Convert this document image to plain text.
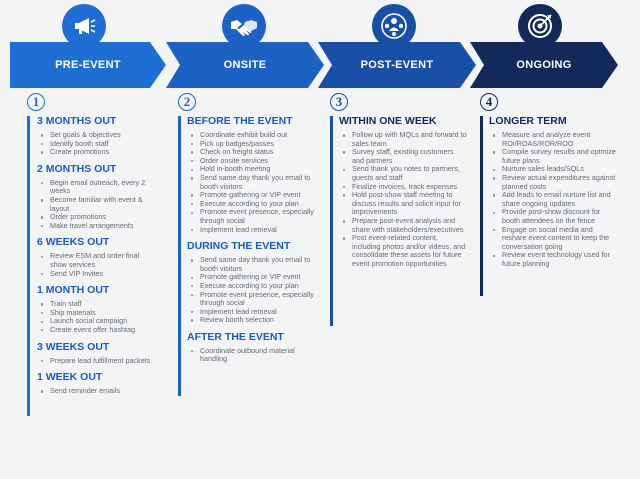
PRE-EVENT
1
3 MONTHS OUT
Set goals & objectives
Identify booth staff
Create promotions
2 MONTHS OUT
Begin email outreach, every 2 weeks
Become familiar with event & layout
Order promotions
Make travel arrangements
6 WEEKS OUT
Review ESM and order final show services
Send VIP Invites
1 MONTH OUT
Train staff
Ship materials
Launch social campaign
Create event offer hashtag
3 WEEKS OUT
Prepare lead fulfillment packets
1 WEEK OUT
Send reminder emails
ONSITE
2
BEFORE THE EVENT
Coordinate exhibit build out
Pick up badges/passes
Check on freight status
Order onsite services
Hold in-booth meeting
Send same day thank you email to booth visitors
Promote gathering or VIP event
Execute according to your plan
Promote event presence, especially through social
Implement lead retrieval
DURING THE EVENT
Send same day thank you email to booth visitors
Promote gathering or VIP event
Execute according to your plan
Promote event presence, especially through social
Implement lead retrieval
Review booth selection
AFTER THE EVENT
Coordinate outbound material handling
POST-EVENT
3
WITHIN ONE WEEK
Follow up with MQLs and forward to sales team
Survey staff, existing customers and partners
Send thank you notes to partners, guests and staff
Finalize invoices, track expenses
Hold post-show staff meeting to discuss results and solicit input for improvements
Prepare post-event analysis and share with stakeholders/executives
Post event-related content, including photos and/or videos, and consolidate these assets for future event promotion opportunities
ONGOING
4
LONGER TERM
Measure and analyze event ROI/ROAS/ROR/ROO
Compile survey results and optmize future plans
Nurture sales leads/SQLs
Review actual expenditures against planned costs
Add leads to email nurture list and share ongoing updates
Provide post-show discount for booth attendees on the fence
Engage on social media and reshare event content to keep the conversation going
Review event technology used for future planning
